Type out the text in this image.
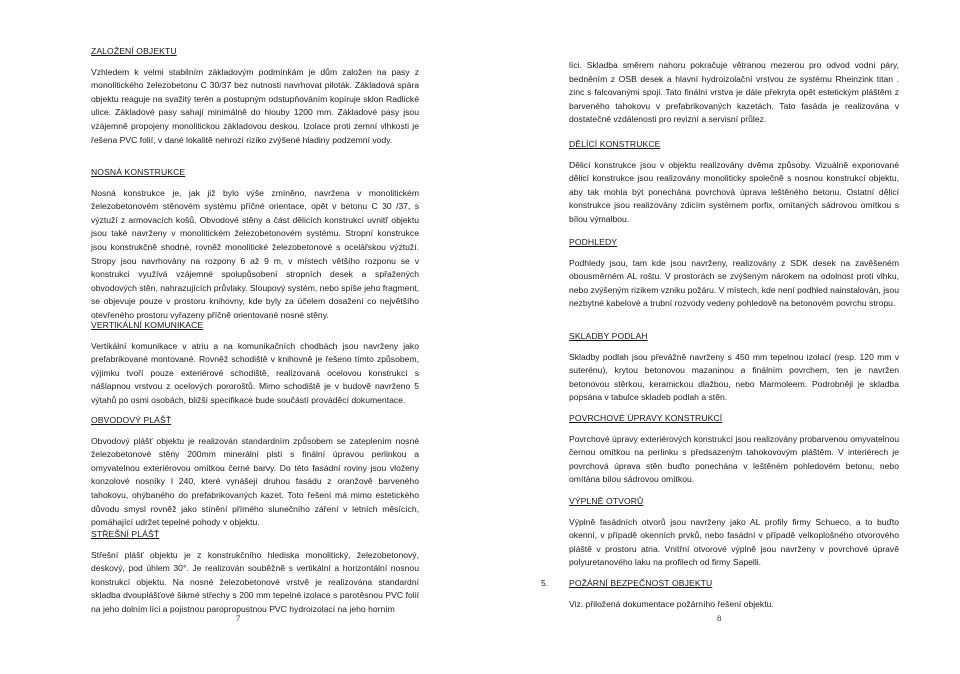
ZALOŽENÍ OBJEKTU
Vzhledem k velmi stabilním základovým podmínkám je dům založen na pasy z monolitického železobetonu C 30/37 bez nutnosti navrhovat piloták. Základová spára objektu reaguje na svažitý terén a postupným odstupňováním kopíruje sklon Radlické ulice. Základové pasy sahají minimálně do hlouby 1200 mm. Základové pasy jsou vzájemně propojeny monolitickou základovou deskou. Izolace proti zemní vlhkosti je řešena PVC folií, v dané lokalitě nehrozí riziko zvýšené hladiny podzemní vody.
NOSNÁ KONSTRUKCE
Nosná konstrukce je, jak již bylo výše zmíněno, navržena v monolitickém železobetonovém stěnovém systému příčné orientace, opět v betonu C 30 /37, s výztuží z armovacích košů. Obvodové stěny a část dělicích konstrukcí uvnitř objektu jsou také navrženy v monolitickém železobetonovém systému. Stropní konstrukce jsou konstrukčně shodné, rovněž monolitické železobetonové s ocelářskou výztuží. Stropy jsou navrhovány na rozpony 6 až 9 m, v místech většího rozponu se v konstrukci využívá vzájemné spolupůsobení stropních desek a spřažených obvodových stěn, nahrazujících průvlaky. Sloupový systém, nebo spíše jeho fragment, se objevuje pouze v prostoru knihovny, kde byly za účelem dosažení co největšího otevřeného prostoru vyřazeny příčně orientované nosné stěny.
VERTIKÁLNÍ KOMUNIKACE
Vertikální komunikace v atriu a na komunikačních chodbách jsou navrženy jako prefabrikované montované. Rovněž schodiště v knihovně je řešeno tímto způsobem, výjimku tvoří pouze exteriérové schodiště, realizovaná ocelovou konstrukcí s nášlapnou vrstvou z ocelových pororoštů. Mimo schodiště je v budově navrženo 5 výtahů po osmi osobách, bližší specifikace bude součástí prováděcí dokumentace.
OBVODOVÝ PLÁŠŤ
Obvodový plášť objektu je realizován standardním způsobem se zateplením nosné železobetonové stěny 200mm minerální plstí s finální úpravou perlinkou a omyvatelnou exteriérovou omítkou černé barvy. Do této fasádní roviny jsou vloženy konzolové nosníky I 240, které vynášejí druhou fasádu z oranžově barveného tahokovu, ohýbaného do prefabrikovaných kazet. Toto řešení má mimo estetického důvodu smysl rovněž jako stínění přímého slunečního záření v letních měsících, pomáhající udržet tepelné pohody v objektu.
STŘEŠNÍ PLÁŠŤ
Střešní plášť objektu je z konstrukčního hlediska monolitický, železobetonový, deskový, pod úhlem 30°. Je realizován souběžně s vertikální a horizontální nosnou konstrukcí objektu. Na nosné železobetonové vrstvě je realizována standardní skladba dvouplášťové šikmé střechy s 200 mm tepelné izolace s parotěsnou PVC folií na jeho dolním líci a pojistnou paropropustnou PVC hydroizolací na jeho horním
7
líci. Skladba směrem nahoru pokračuje větranou mezerou pro odvod vodní páry, bedněním z OSB desek a hlavní hydroizolační vrstvou ze systému Rheinzink titan . zinc s falcovanými spoji. Tato finální vrstva je dále překryta opět estetickým pláštěm z barveného tahokovu v prefabrikovaných kazetách. Tato fasáda je realizována v dostatečné vzdálenosti pro revizní a servisní průlez.
DĚLÍCÍ KONSTRUKCE
Dělicí konstrukce jsou v objektu realizovány dvěma způsoby. Vizuálně exponované dělicí konstrukce jsou realizovány monoliticky společně s nosnou konstrukcí objektu, aby tak mohla být ponechána povrchová úprava leštěného betonu. Ostatní dělicí konstrukce jsou realizovány zdicím systémem porfix, omítaných sádrovou omítkou s bílou výmalbou.
PODHLEDY
Podhledy jsou, tam kde jsou navrženy, realizovány z SDK desek na zavěšeném obousměrném AL roštu. V prostorách se zvýšeným nárokem na odolnost proti vlhku, nebo zvýšeným rizikem vzniku požáru. V místech, kde není podhled nainstalován, jsou nezbytné kabelové a trubní rozvody vedeny pohledově na betonovém povrchu stropu.
SKLADBY PODLAH
Skladby podlah jsou převážně navrženy s 450 mm tepelnou izolací (resp. 120 mm v suterénu), krytou betonovou mazaninou a finálním povrchem, ten je navržen betonovou stěrkou, keramickou dlažbou, nebo Marmoleem. Podrobněji je skladba popsána v tabulce skladeb podlah a stěn.
POVRCHOVÉ ÚPRAVY KONSTRUKCÍ
Povrchové úpravy exteriérových konstrukcí jsou realizovány probarvenou omyvatelnou černou omítkou na perlinku s předsazeným tahokovovým pláštěm. V interiérech je povrchová úprava stěn buďto ponechána v leštěném pohledovém betonu, nebo omítána bílou sádrovou omítkou.
VÝPLNĚ OTVORŮ
Výplně fasádních otvorů jsou navrženy jako AL profily firmy Schueco, a to buďto okenní, v případě okenních prvků, nebo fasádní v případě velkoplošného otvorového pláště v prostoru atria. Vnitřní otvorové výplně jsou navrženy v povrchové úpravě polyuretanového laku na profilech od firmy Sapelli.
5. POŽÁRNÍ BEZPEČNOST OBJEKTU
Viz. přiložená dokumentace požárního řešení objektu.
8
